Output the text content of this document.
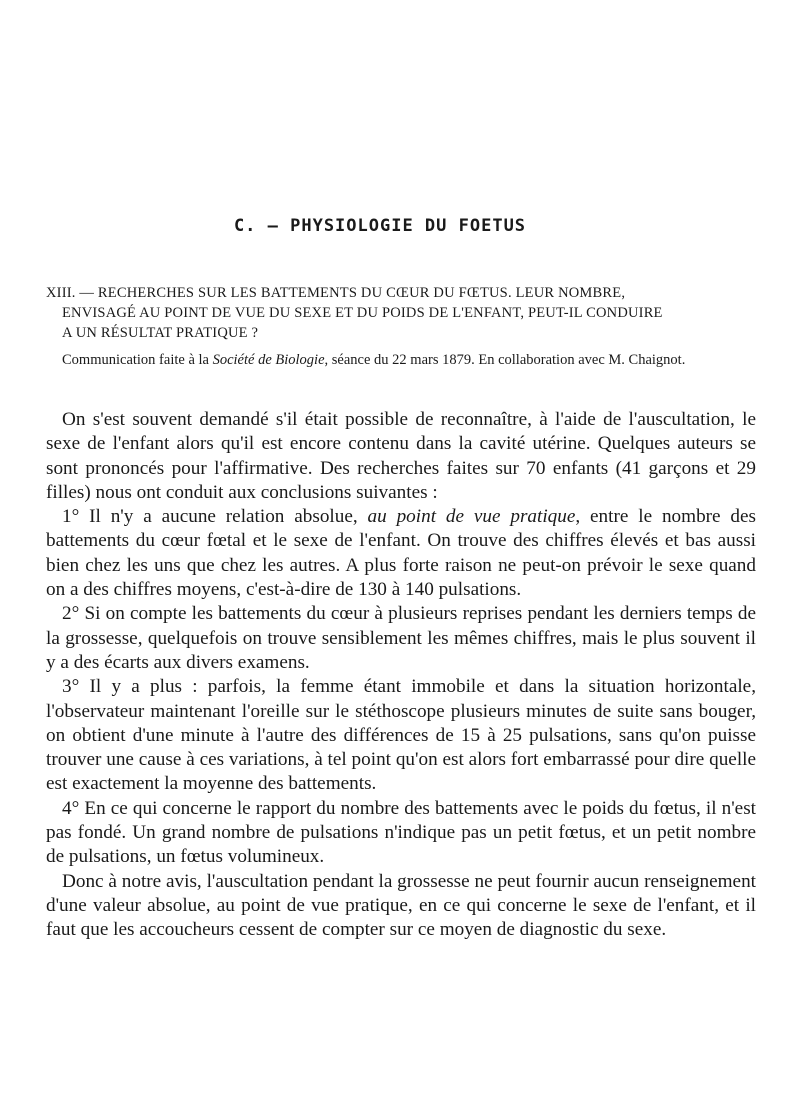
C. — PHYSIOLOGIE DU FOETUS
XIII. — RECHERCHES SUR LES BATTEMENTS DU CŒUR DU FŒTUS. LEUR NOMBRE,
ENVISAGÉ AU POINT DE VUE DU SEXE ET DU POIDS DE L'ENFANT, PEUT-IL CONDUIRE
A UN RÉSULTAT PRATIQUE ?
Communication faite à la Société de Biologie, séance du 22 mars 1879. En collaboration avec M. Chaignot.

On s'est souvent demandé s'il était possible de reconnaître, à l'aide de l'auscultation, le sexe de l'enfant alors qu'il est encore contenu dans la cavité utérine. Quelques auteurs se sont prononcés pour l'affirmative. Des recherches faites sur 70 enfants (41 garçons et 29 filles) nous ont conduit aux conclusions suivantes :

1° Il n'y a aucune relation absolue, au point de vue pratique, entre le nombre des battements du cœur fœtal et le sexe de l'enfant. On trouve des chiffres élevés et bas aussi bien chez les uns que chez les autres. A plus forte raison ne peut-on prévoir le sexe quand on a des chiffres moyens, c'est-à-dire de 130 à 140 pulsations.

2° Si on compte les battements du cœur à plusieurs reprises pendant les derniers temps de la grossesse, quelquefois on trouve sensiblement les mêmes chiffres, mais le plus souvent il y a des écarts aux divers examens.

3° Il y a plus : parfois, la femme étant immobile et dans la situation horizontale, l'observateur maintenant l'oreille sur le stéthoscope plusieurs minutes de suite sans bouger, on obtient d'une minute à l'autre des différences de 15 à 25 pulsations, sans qu'on puisse trouver une cause à ces variations, à tel point qu'on est alors fort embarrassé pour dire quelle est exactement la moyenne des battements.

4° En ce qui concerne le rapport du nombre des battements avec le poids du fœtus, il n'est pas fondé. Un grand nombre de pulsations n'indique pas un petit fœtus, et un petit nombre de pulsations, un fœtus volumineux.

Donc à notre avis, l'auscultation pendant la grossesse ne peut fournir aucun renseignement d'une valeur absolue, au point de vue pratique, en ce qui concerne le sexe de l'enfant, et il faut que les accoucheurs cessent de compter sur ce moyen de diagnostic du sexe.
